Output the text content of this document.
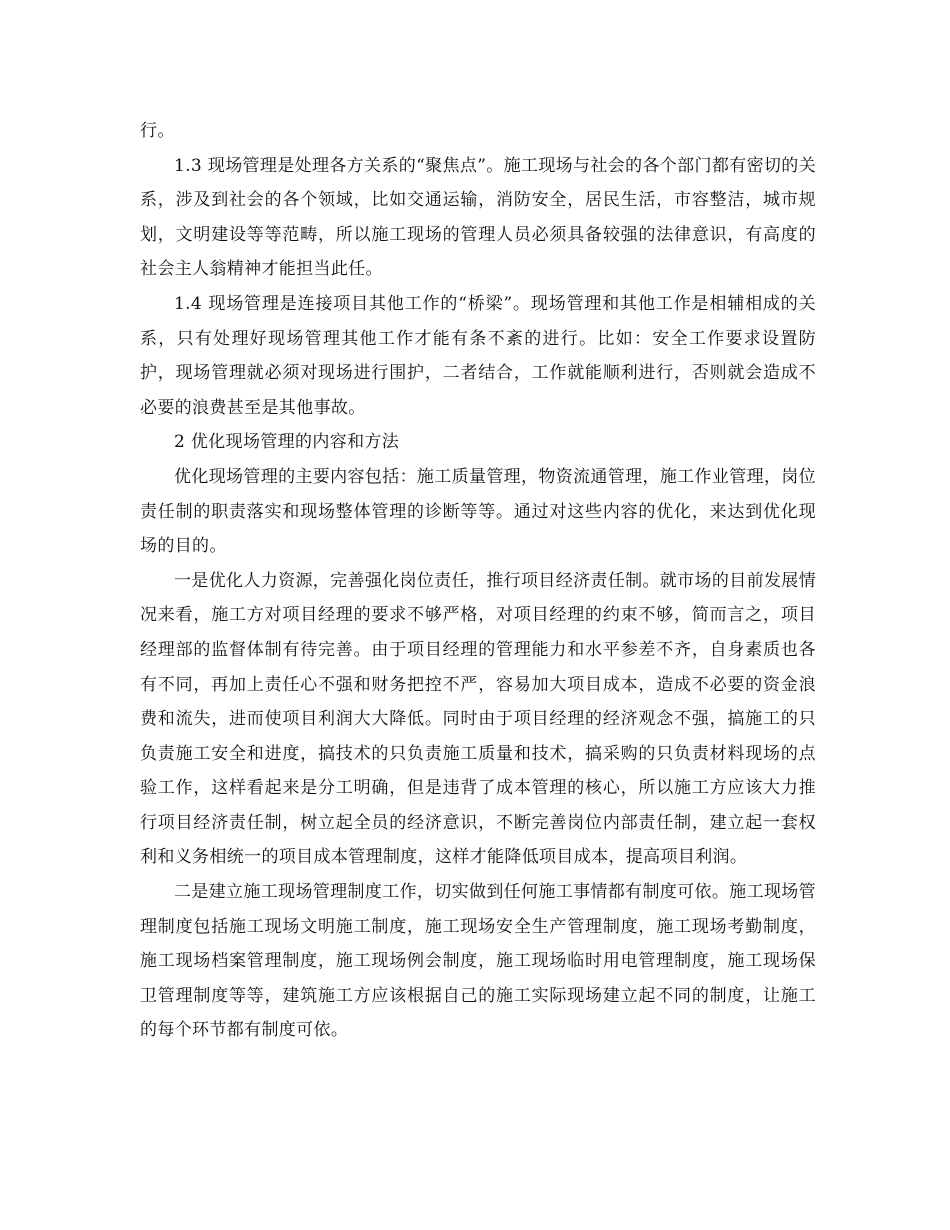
行。

1.3 现场管理是处理各方关系的“聚焦点”。施工现场与社会的各个部门都有密切的关系，涉及到社会的各个领域，比如交通运输，消防安全，居民生活，市容整洁，城市规划，文明建设等等范畴，所以施工现场的管理人员必须具备较强的法律意识，有高度的社会主人翁精神才能担当此任。

1.4 现场管理是连接项目其他工作的“桥梁”。现场管理和其他工作是相辅相成的关系，只有处理好现场管理其他工作才能有条不紊的进行。比如：安全工作要求设置防护，现场管理就必须对现场进行围护，二者结合，工作就能顺利进行，否则就会造成不必要的浪费甚至是其他事故。

2 优化现场管理的内容和方法

优化现场管理的主要内容包括：施工质量管理，物资流通管理，施工作业管理，岗位责任制的职责落实和现场整体管理的诊断等等。通过对这些内容的优化，来达到优化现场的目的。

一是优化人力资源，完善强化岗位责任，推行项目经济责任制。就市场的目前发展情况来看，施工方对项目经理的要求不够严格，对项目经理的约束不够，简而言之，项目经理部的监督体制有待完善。由于项目经理的管理能力和水平参差不齐，自身素质也各有不同，再加上责任心不强和财务把控不严，容易加大项目成本，造成不必要的资金浪费和流失，进而使项目利润大大降低。同时由于项目经理的经济观念不强，搞施工的只负责施工安全和进度，搞技术的只负责施工质量和技术，搞采购的只负责材料现场的点验工作，这样看起来是分工明确，但是违背了成本管理的核心，所以施工方应该大力推行项目经济责任制，树立起全员的经济意识，不断完善岗位内部责任制，建立起一套权利和义务相统一的项目成本管理制度，这样才能降低项目成本，提高项目利润。

二是建立施工现场管理制度工作，切实做到任何施工事情都有制度可依。施工现场管理制度包括施工现场文明施工制度，施工现场安全生产管理制度，施工现场考勤制度，施工现场档案管理制度，施工现场例会制度，施工现场临时用电管理制度，施工现场保卫管理制度等等，建筑施工方应该根据自己的施工实际现场建立起不同的制度，让施工的每个环节都有制度可依。
